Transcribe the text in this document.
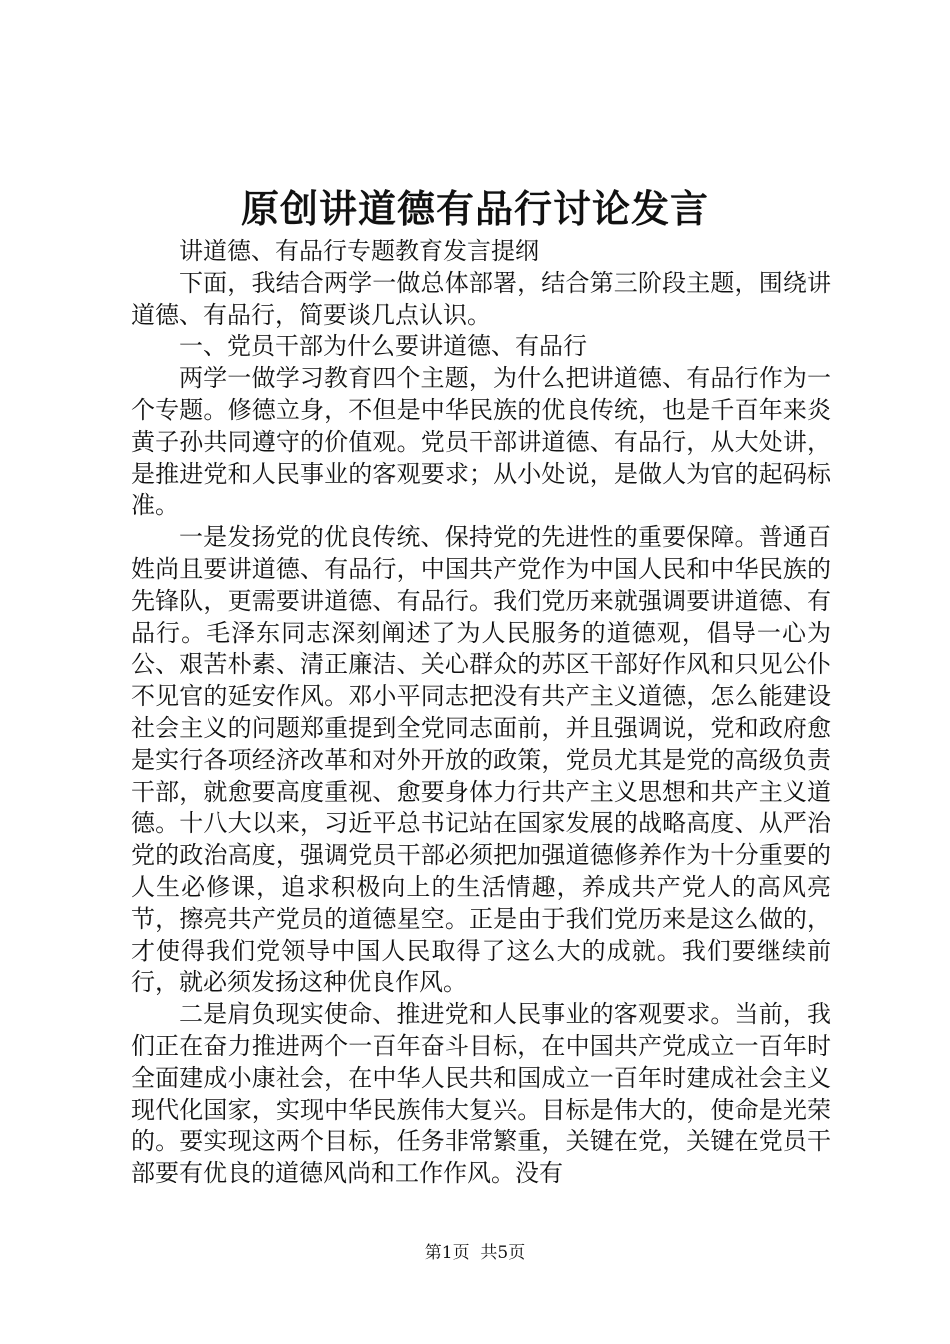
原创讲道德有品行讨论发言

讲道德、有品行专题教育发言提纲

下面，我结合两学一做总体部署，结合第三阶段主题，围绕讲道德、有品行，简要谈几点认识。

一、党员干部为什么要讲道德、有品行

两学一做学习教育四个主题，为什么把讲道德、有品行作为一个专题。修德立身，不但是中华民族的优良传统，也是千百年来炎黄子孙共同遵守的价值观。党员干部讲道德、有品行，从大处讲，是推进党和人民事业的客观要求；从小处说，是做人为官的起码标准。

一是发扬党的优良传统、保持党的先进性的重要保障。普通百姓尚且要讲道德、有品行，中国共产党作为中国人民和中华民族的先锋队，更需要讲道德、有品行。我们党历来就强调要讲道德、有品行。毛泽东同志深刻阐述了为人民服务的道德观，倡导一心为公、艰苦朴素、清正廉洁、关心群众的苏区干部好作风和只见公仆不见官的延安作风。邓小平同志把没有共产主义道德，怎么能建设社会主义的问题郑重提到全党同志面前，并且强调说，党和政府愈是实行各项经济改革和对外开放的政策，党员尤其是党的高级负责干部，就愈要高度重视、愈要身体力行共产主义思想和共产主义道德。十八大以来，习近平总书记站在国家发展的战略高度、从严治党的政治高度，强调党员干部必须把加强道德修养作为十分重要的人生必修课，追求积极向上的生活情趣，养成共产党人的高风亮节，擦亮共产党员的道德星空。正是由于我们党历来是这么做的，才使得我们党领导中国人民取得了这么大的成就。我们要继续前行，就必须发扬这种优良作风。

二是肩负现实使命、推进党和人民事业的客观要求。当前，我们正在奋力推进两个一百年奋斗目标，在中国共产党成立一百年时全面建成小康社会，在中华人民共和国成立一百年时建成社会主义现代化国家，实现中华民族伟大复兴。目标是伟大的，使命是光荣的。要实现这两个目标，任务非常繁重，关键在党，关键在党员干部要有优良的道德风尚和工作作风。没有

第1页 共5页
